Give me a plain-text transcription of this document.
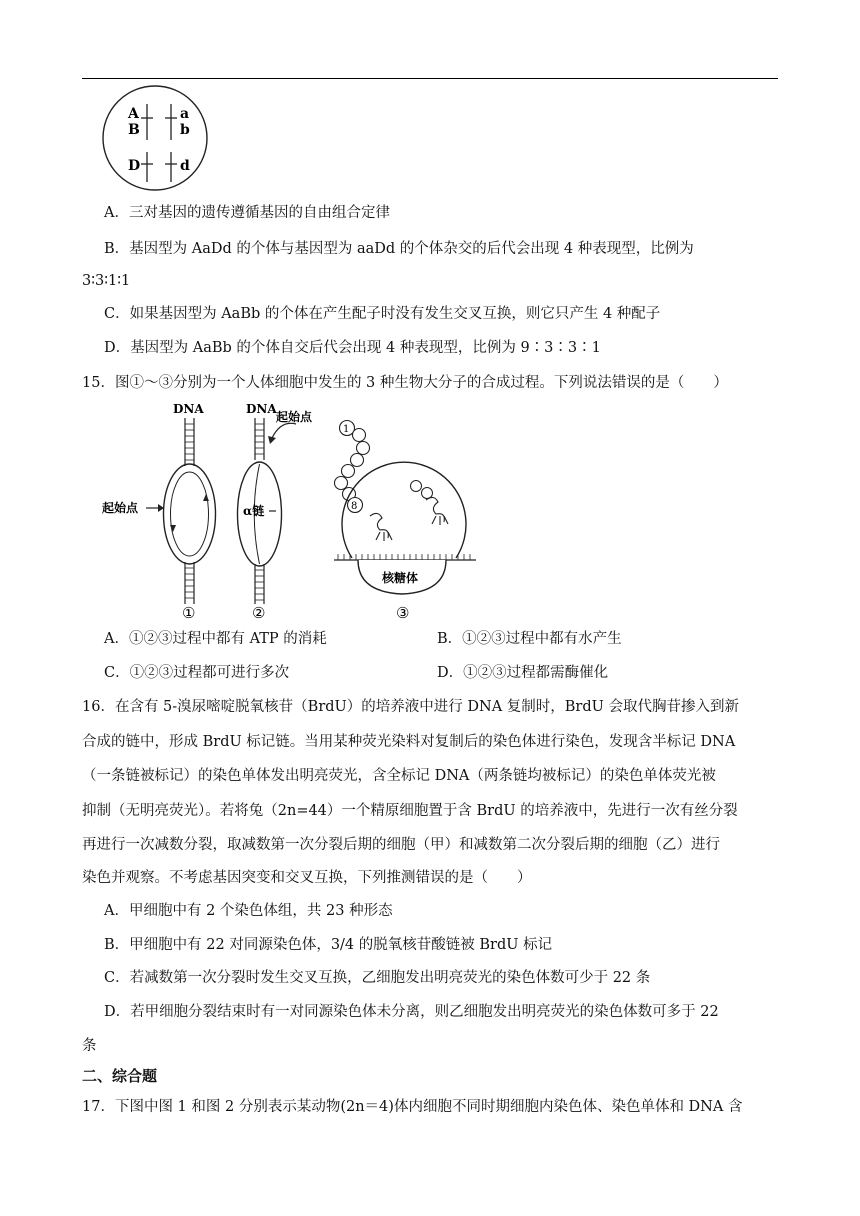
A
B
D
a
b
d
A．三对基因的遗传遵循基因的自由组合定律
B．基因型为 AaDd 的个体与基因型为 aaDd 的个体杂交的后代会出现 4 种表现型，比例为
3∶3∶1∶1
C．如果基因型为 AaBb 的个体在产生配子时没有发生交叉互换，则它只产生 4 种配子
D．基因型为 AaBb 的个体自交后代会出现 4 种表现型，比例为 9∶3∶3∶1
15．图①～③分别为一个人体细胞中发生的 3 种生物大分子的合成过程。下列说法错误的是（　　）
DNA
起始点
①
DNA
α链
起始点
②
1
8
核糖体
③
A．①②③过程中都有 ATP 的消耗	B．①②③过程中都有水产生
C．①②③过程都可进行多次	D．①②③过程都需酶催化
16．在含有 5-溴尿嘧啶脱氧核苷（BrdU）的培养液中进行 DNA 复制时，BrdU 会取代胸苷掺入到新
合成的链中，形成 BrdU 标记链。当用某种荧光染料对复制后的染色体进行染色，发现含半标记 DNA
（一条链被标记）的染色单体发出明亮荧光，含全标记 DNA（两条链均被标记）的染色单体荧光被
抑制（无明亮荧光）。若将兔（2n=44）一个精原细胞置于含 BrdU 的培养液中，先进行一次有丝分裂
再进行一次减数分裂，取减数第一次分裂后期的细胞（甲）和减数第二次分裂后期的细胞（乙）进行
染色并观察。不考虑基因突变和交叉互换，下列推测错误的是（　　）
A．甲细胞中有 2 个染色体组，共 23 种形态
B．甲细胞中有 22 对同源染色体，3/4 的脱氧核苷酸链被 BrdU 标记
C．若减数第一次分裂时发生交叉互换，乙细胞发出明亮荧光的染色体数可少于 22 条
D．若甲细胞分裂结束时有一对同源染色体未分离，则乙细胞发出明亮荧光的染色体数可多于 22
条
二、综合题
17．下图中图 1 和图 2 分别表示某动物(2n＝4)体内细胞不同时期细胞内染色体、染色单体和 DNA 含
